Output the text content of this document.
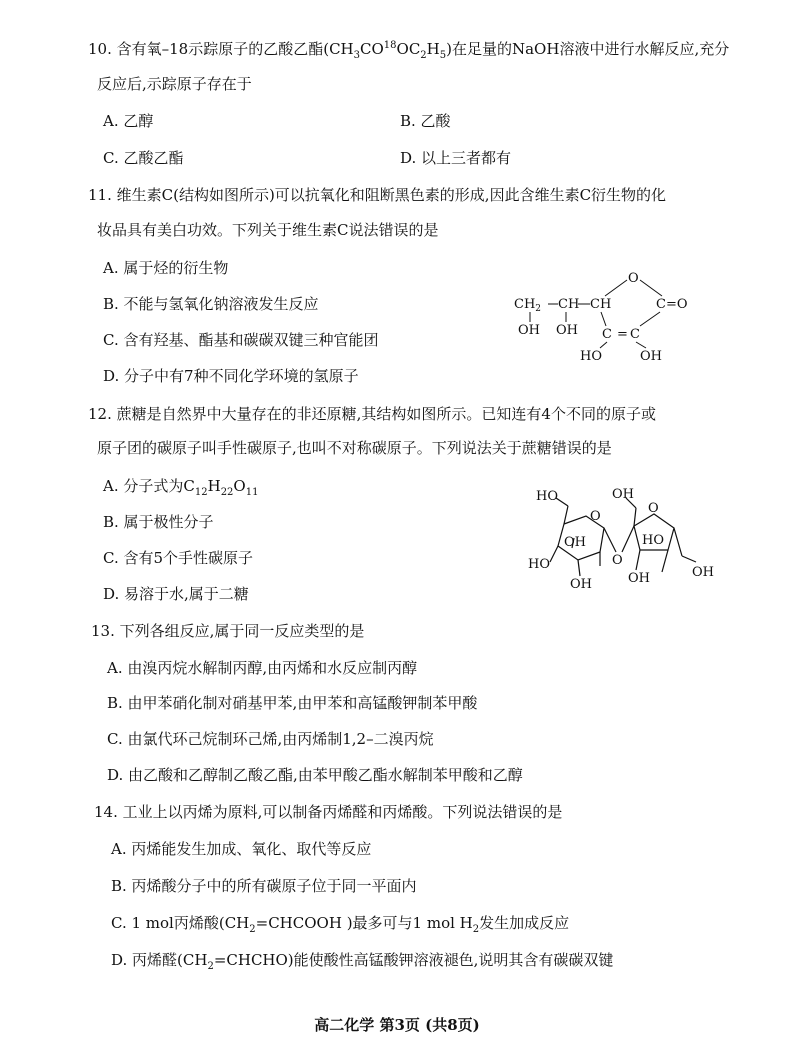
10. 含有氧–18示踪原子的乙酸乙酯$(CH_3CO^{18}OC_2H_5)$在足量的NaOH溶液中进行水解反应,充分
反应后,示踪原子存在于
A. 乙醇	B. 乙酸
C. 乙酸乙酯	D. 以上三者都有
11. 维生素C(结构如图所示)可以抗氧化和阻断黑色素的形成,因此含维生素C衍生物的化
妆品具有美白功效。下列关于维生素C说法错误的是
A. 属于烃的衍生物
B. 不能与氢氧化钠溶液发生反应
C. 含有羟基、酯基和碳碳双键三种官能团
D. 分子中有7种不同化学环境的氢原子
$CH_2$ CH CH
O
C =O
C = C
OH OH
HO	OH
12. 蔗糖是自然界中大量存在的非还原糖,其结构如图所示。已知连有4个不同的原子或
原子团的碳原子叫手性碳原子,也叫不对称碳原子。下列说法关于蔗糖错误的是
A. 分子式为$C_{12}H_{22}O_{11}$
B. 属于极性分子
C. 含有5个手性碳原子
D. 易溶于水,属于二糖
HO
O
OH
HO
OH
O
OH
O
HO
OH	OH
13. 下列各组反应,属于同一反应类型的是
A. 由溴丙烷水解制丙醇,由丙烯和水反应制丙醇
B. 由甲苯硝化制对硝基甲苯,由甲苯和高锰酸钾制苯甲酸
C. 由氯代环己烷制环己烯,由丙烯制1,2–二溴丙烷
D. 由乙酸和乙醇制乙酸乙酯,由苯甲酸乙酯水解制苯甲酸和乙醇
14. 工业上以丙烯为原料,可以制备丙烯醛和丙烯酸。下列说法错误的是
A. 丙烯能发生加成、氧化、取代等反应
B. 丙烯酸分子中的所有碳原子位于同一平面内
C. 1 mol丙烯酸($CH_2=CHCOOH$ )最多可与1 mol $H_2$发生加成反应
D. 丙烯醛$(CH_2=CHCHO)$能使酸性高锰酸钾溶液褪色,说明其含有碳碳双键
高二化学 第3页 (共8页)
